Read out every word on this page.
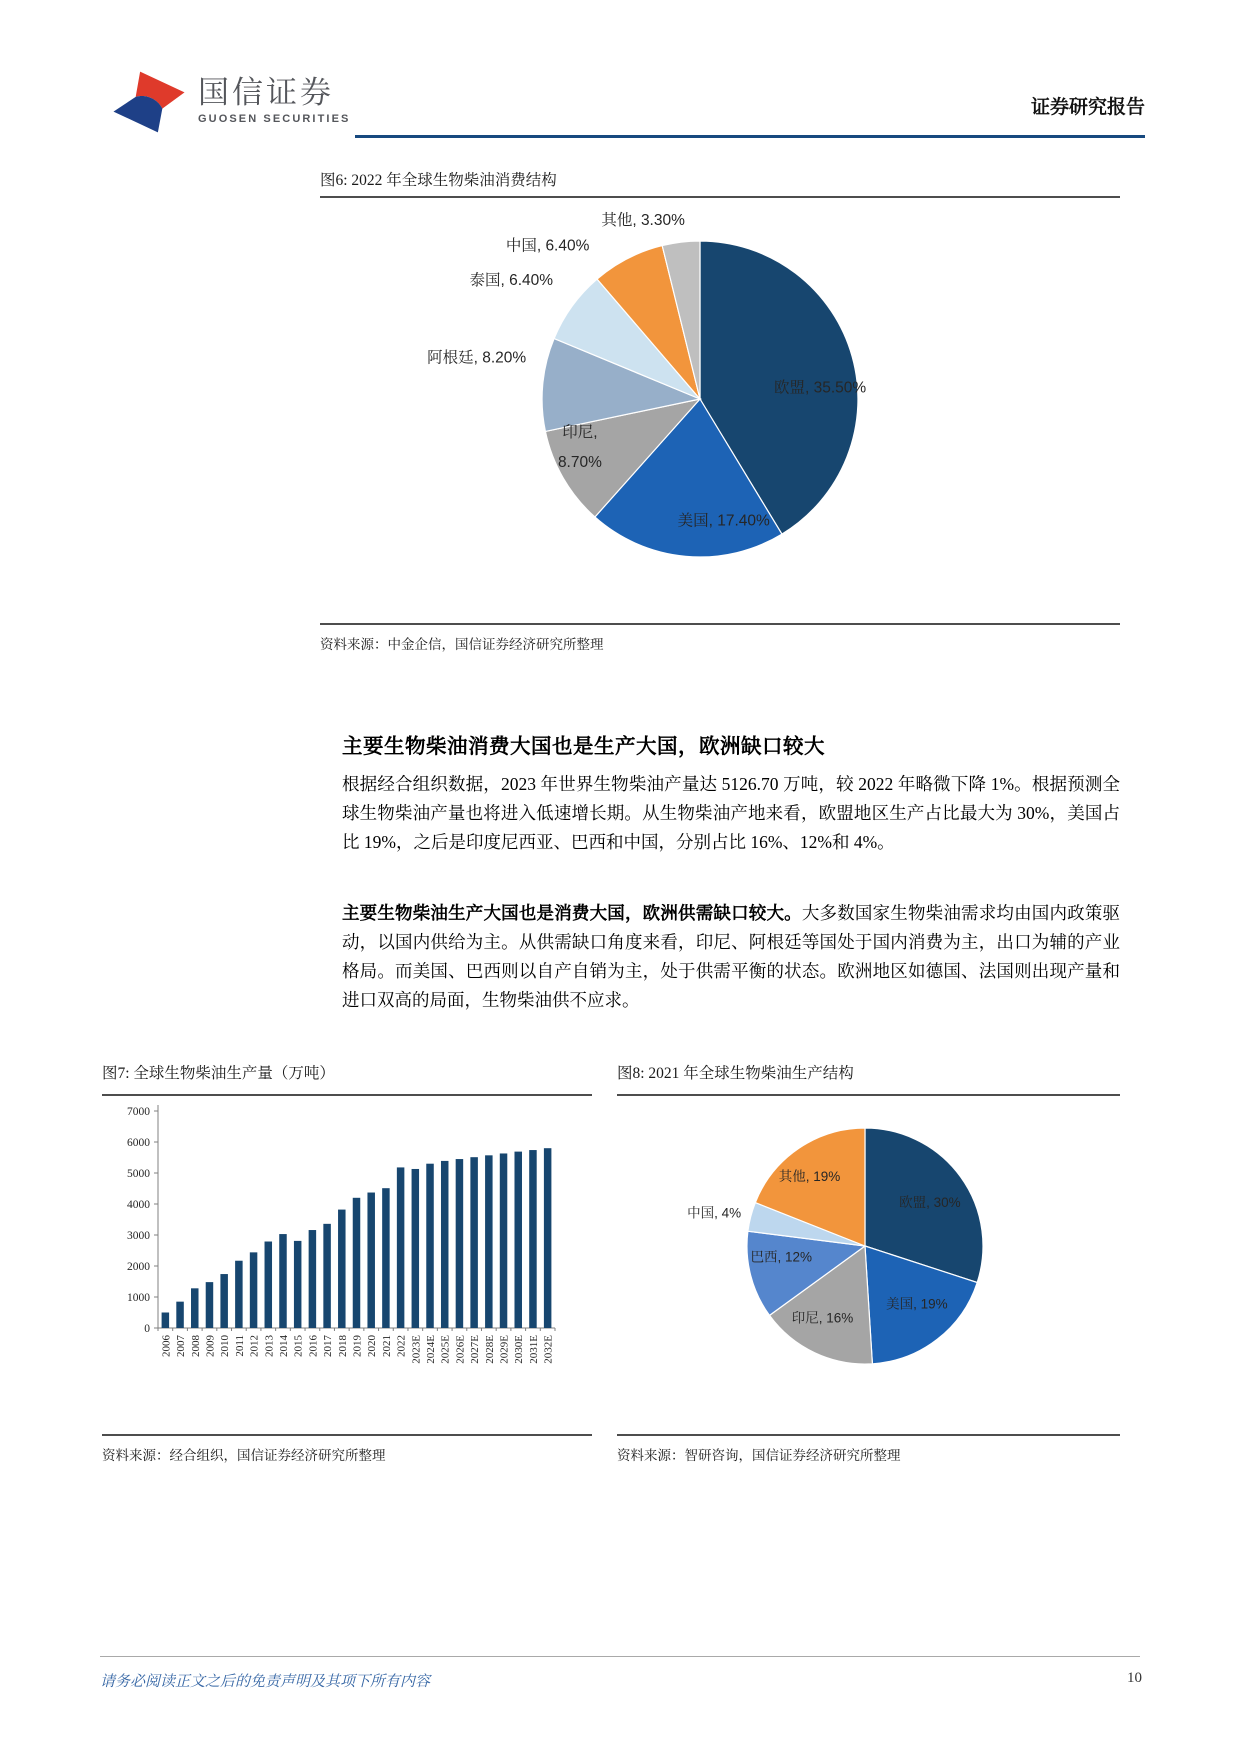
国信证券
GUOSEN SECURITIES
证券研究报告
图6: 2022 年全球生物柴油消费结构
欧盟, 35.50%
美国, 17.40%
印尼, 8.70%
阿根廷, 8.20%
泰国, 6.40%
中国, 6.40%
其他, 3.30%
资料来源：中金企信，国信证券经济研究所整理
主要生物柴油消费大国也是生产大国，欧洲缺口较大

根据经合组织数据，2023 年世界生物柴油产量达 5126.70 万吨，较 2022 年略微下降 1%。根据预测全球生物柴油产量也将进入低速增长期。从生物柴油产地来看，欧盟地区生产占比最大为 30%，美国占比 19%，之后是印度尼西亚、巴西和中国，分别占比 16%、12%和 4%。

主要生物柴油生产大国也是消费大国，欧洲供需缺口较大。大多数国家生物柴油需求均由国内政策驱动，以国内供给为主。从供需缺口角度来看，印尼、阿根廷等国处于国内消费为主，出口为辅的产业格局。而美国、巴西则以自产自销为主，处于供需平衡的状态。欧洲地区如德国、法国则出现产量和进口双高的局面，生物柴油供不应求。

图7: 全球生物柴油生产量（万吨）
0
1000
2000
3000
4000
5000
6000
7000
2006 2007 2008 2009 2010 2011 2012 2013 2014 2015 2016 2017 2018 2019 2020 2021 2022 2023E 2024E 2025E 2026E 2027E 2028E 2029E 2030E 2031E 2032E
资料来源：经合组织，国信证券经济研究所整理
图8: 2021 年全球生物柴油生产结构
欧盟, 30%
美国, 19%
印尼, 16%
巴西, 12%
中国, 4%
其他, 19%
资料来源：智研咨询，国信证券经济研究所整理
请务必阅读正文之后的免责声明及其项下所有内容	10
